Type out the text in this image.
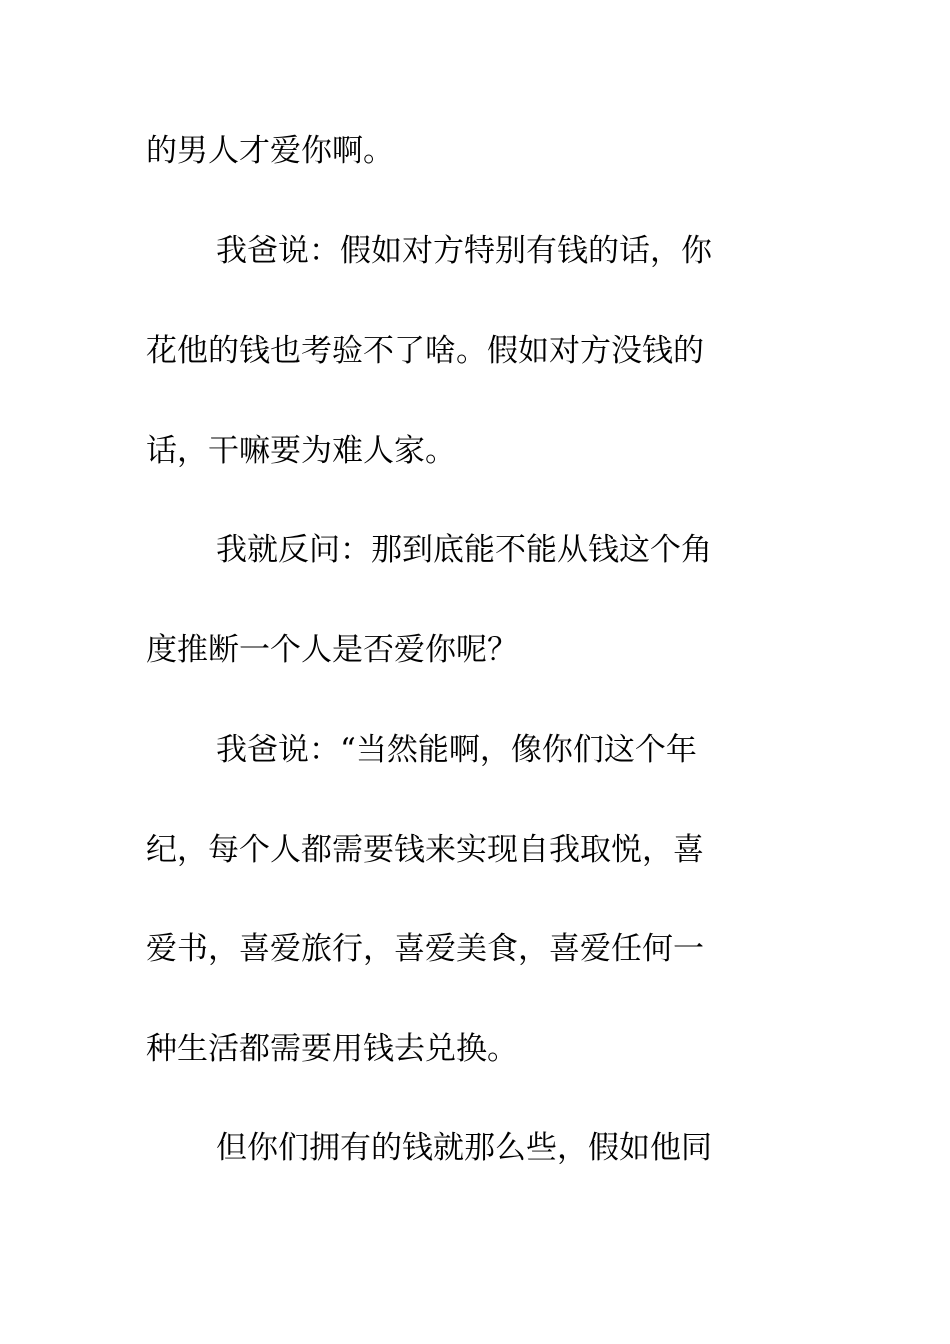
的男人才爱你啊。
我爸说：假如对方特别有钱的话，你
花他的钱也考验不了啥。假如对方没钱的
话，干嘛要为难人家。
我就反问：那到底能不能从钱这个角
度推断一个人是否爱你呢？
我爸说：“当然能啊，像你们这个年
纪，每个人都需要钱来实现自我取悦，喜
爱书，喜爱旅行，喜爱美食，喜爱任何一
种生活都需要用钱去兑换。
但你们拥有的钱就那么些，假如他同
